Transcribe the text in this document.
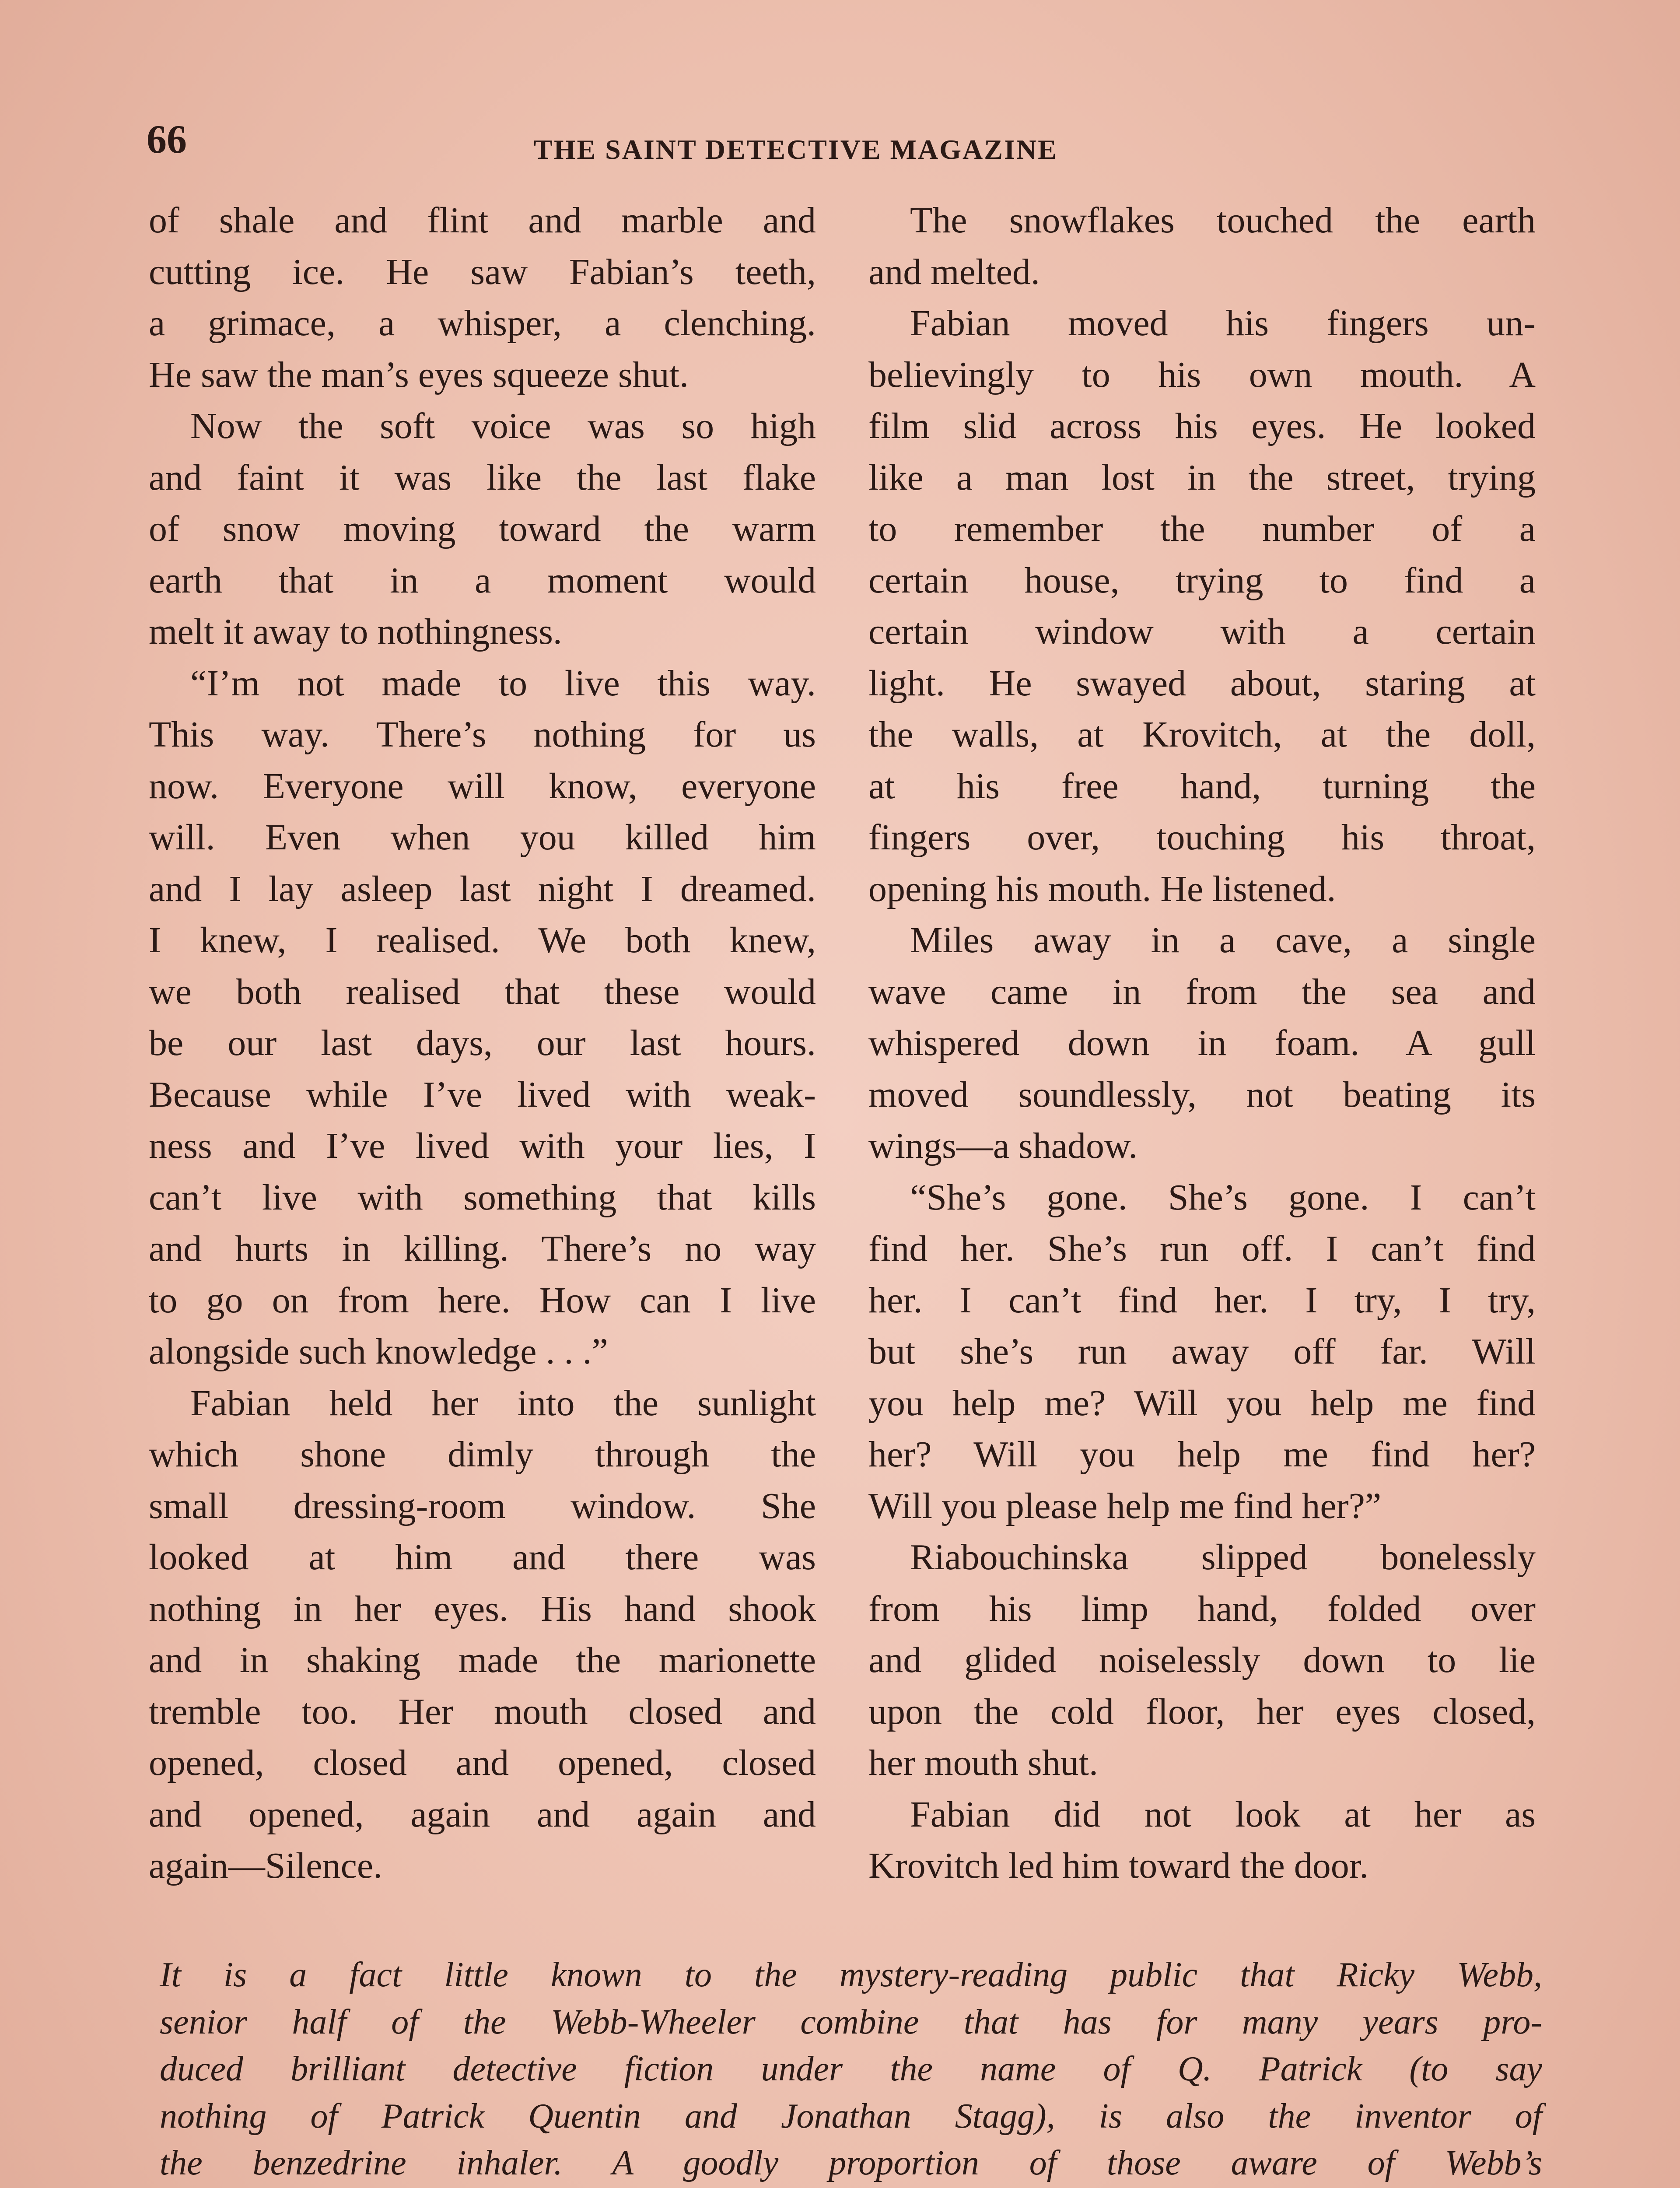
66	THE SAINT DETECTIVE MAGAZINE
of shale and flint and marble and
cutting ice. He saw Fabian’s teeth,
a grimace, a whisper, a clenching.
He saw the man’s eyes squeeze shut.
Now the soft voice was so high
and faint it was like the last flake
of snow moving toward the warm
earth that in a moment would
melt it away to nothingness.
“I’m not made to live this way.
This way. There’s nothing for us
now. Everyone will know, everyone
will. Even when you killed him
and I lay asleep last night I dreamed.
I knew, I realised. We both knew,
we both realised that these would
be our last days, our last hours.
Because while I’ve lived with weak-
ness and I’ve lived with your lies, I
can’t live with something that kills
and hurts in killing. There’s no way
to go on from here. How can I live
alongside such knowledge . . .”
Fabian held her into the sunlight
which shone dimly through the
small dressing-room window. She
looked at him and there was
nothing in her eyes. His hand shook
and in shaking made the marionette
tremble too. Her mouth closed and
opened, closed and opened, closed
and opened, again and again and
again—Silence.
The snowflakes touched the earth
and melted.
Fabian moved his fingers un-
believingly to his own mouth. A
film slid across his eyes. He looked
like a man lost in the street, trying
to remember the number of a
certain house, trying to find a
certain window with a certain
light. He swayed about, staring at
the walls, at Krovitch, at the doll,
at his free hand, turning the
fingers over, touching his throat,
opening his mouth. He listened.
Miles away in a cave, a single
wave came in from the sea and
whispered down in foam. A gull
moved soundlessly, not beating its
wings—a shadow.
“She’s gone. She’s gone. I can’t
find her. She’s run off. I can’t find
her. I can’t find her. I try, I try,
but she’s run away off far. Will
you help me? Will you help me find
her? Will you help me find her?
Will you please help me find her?”
Riabouchinska slipped bonelessly
from his limp hand, folded over
and glided noiselessly down to lie
upon the cold floor, her eyes closed,
her mouth shut.
Fabian did not look at her as
Krovitch led him toward the door.
It is a fact little known to the mystery-reading public that Ricky Webb,
senior half of the Webb-Wheeler combine that has for many years pro-
duced brilliant detective fiction under the name of Q. Patrick (to say
nothing of Patrick Quentin and Jonathan Stagg), is also the inventor of
the benzedrine inhaler. A goodly proportion of those aware of Webb’s
